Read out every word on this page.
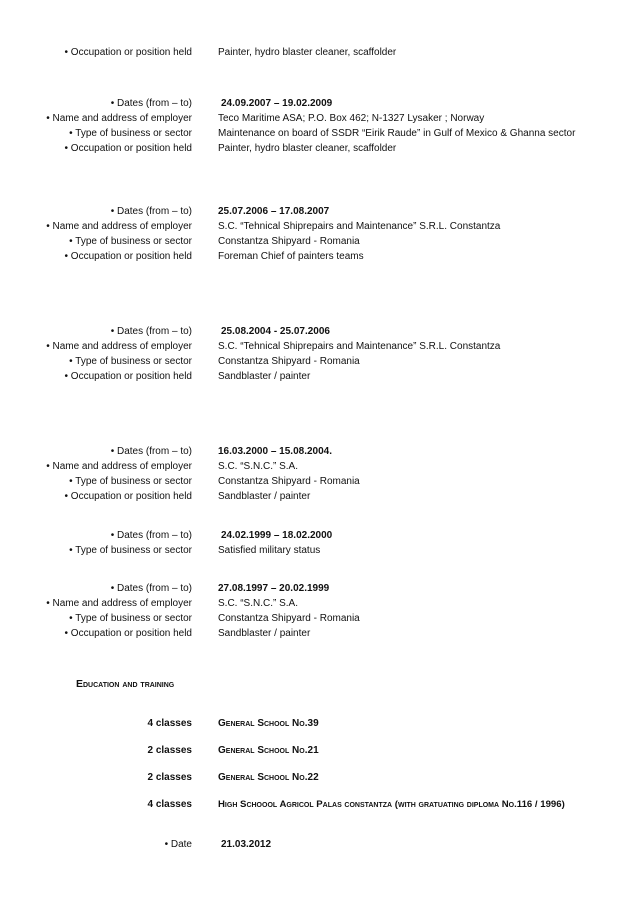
• Occupation or position held	Painter, hydro blaster cleaner, scaffolder
• Dates (from – to)	24.09.2007 – 19.02.2009
• Name and address of employer	Teco Maritime ASA; P.O. Box 462; N-1327 Lysaker ; Norway
• Type of business or sector	Maintenance on board of SSDR “Eirik Raude” in Gulf of Mexico & Ghanna sector
• Occupation or position held	Painter, hydro blaster cleaner, scaffolder
• Dates (from – to)	25.07.2006 – 17.08.2007
• Name and address of employer	S.C. “Tehnical Shiprepairs and Maintenance” S.R.L. Constantza
• Type of business or sector	Constantza Shipyard - Romania
• Occupation or position held	Foreman Chief of painters teams
• Dates (from – to)	25.08.2004 - 25.07.2006
• Name and address of employer	S.C. “Tehnical Shiprepairs and Maintenance” S.R.L. Constantza
• Type of business or sector	Constantza Shipyard - Romania
• Occupation or position held	Sandblaster / painter
• Dates (from – to)	16.03.2000 – 15.08.2004.
• Name and address of employer	S.C. “S.N.C.” S.A.
• Type of business or sector	Constantza Shipyard - Romania
• Occupation or position held	Sandblaster / painter
• Dates (from – to)	24.02.1999 – 18.02.2000
• Type of business or sector	Satisfied military status
• Dates (from – to)	27.08.1997 – 20.02.1999
• Name and address of employer	S.C. “S.N.C.” S.A.
• Type of business or sector	Constantza Shipyard - Romania
• Occupation or position held	Sandblaster / painter
Education and training
4 classes	General School No.39
2 classes	General School No.21
2 classes	General School No.22
4 classes	High Schoool Agricol Palas constantza (with gratuating diploma No.116 / 1996)
• Date	21.03.2012
